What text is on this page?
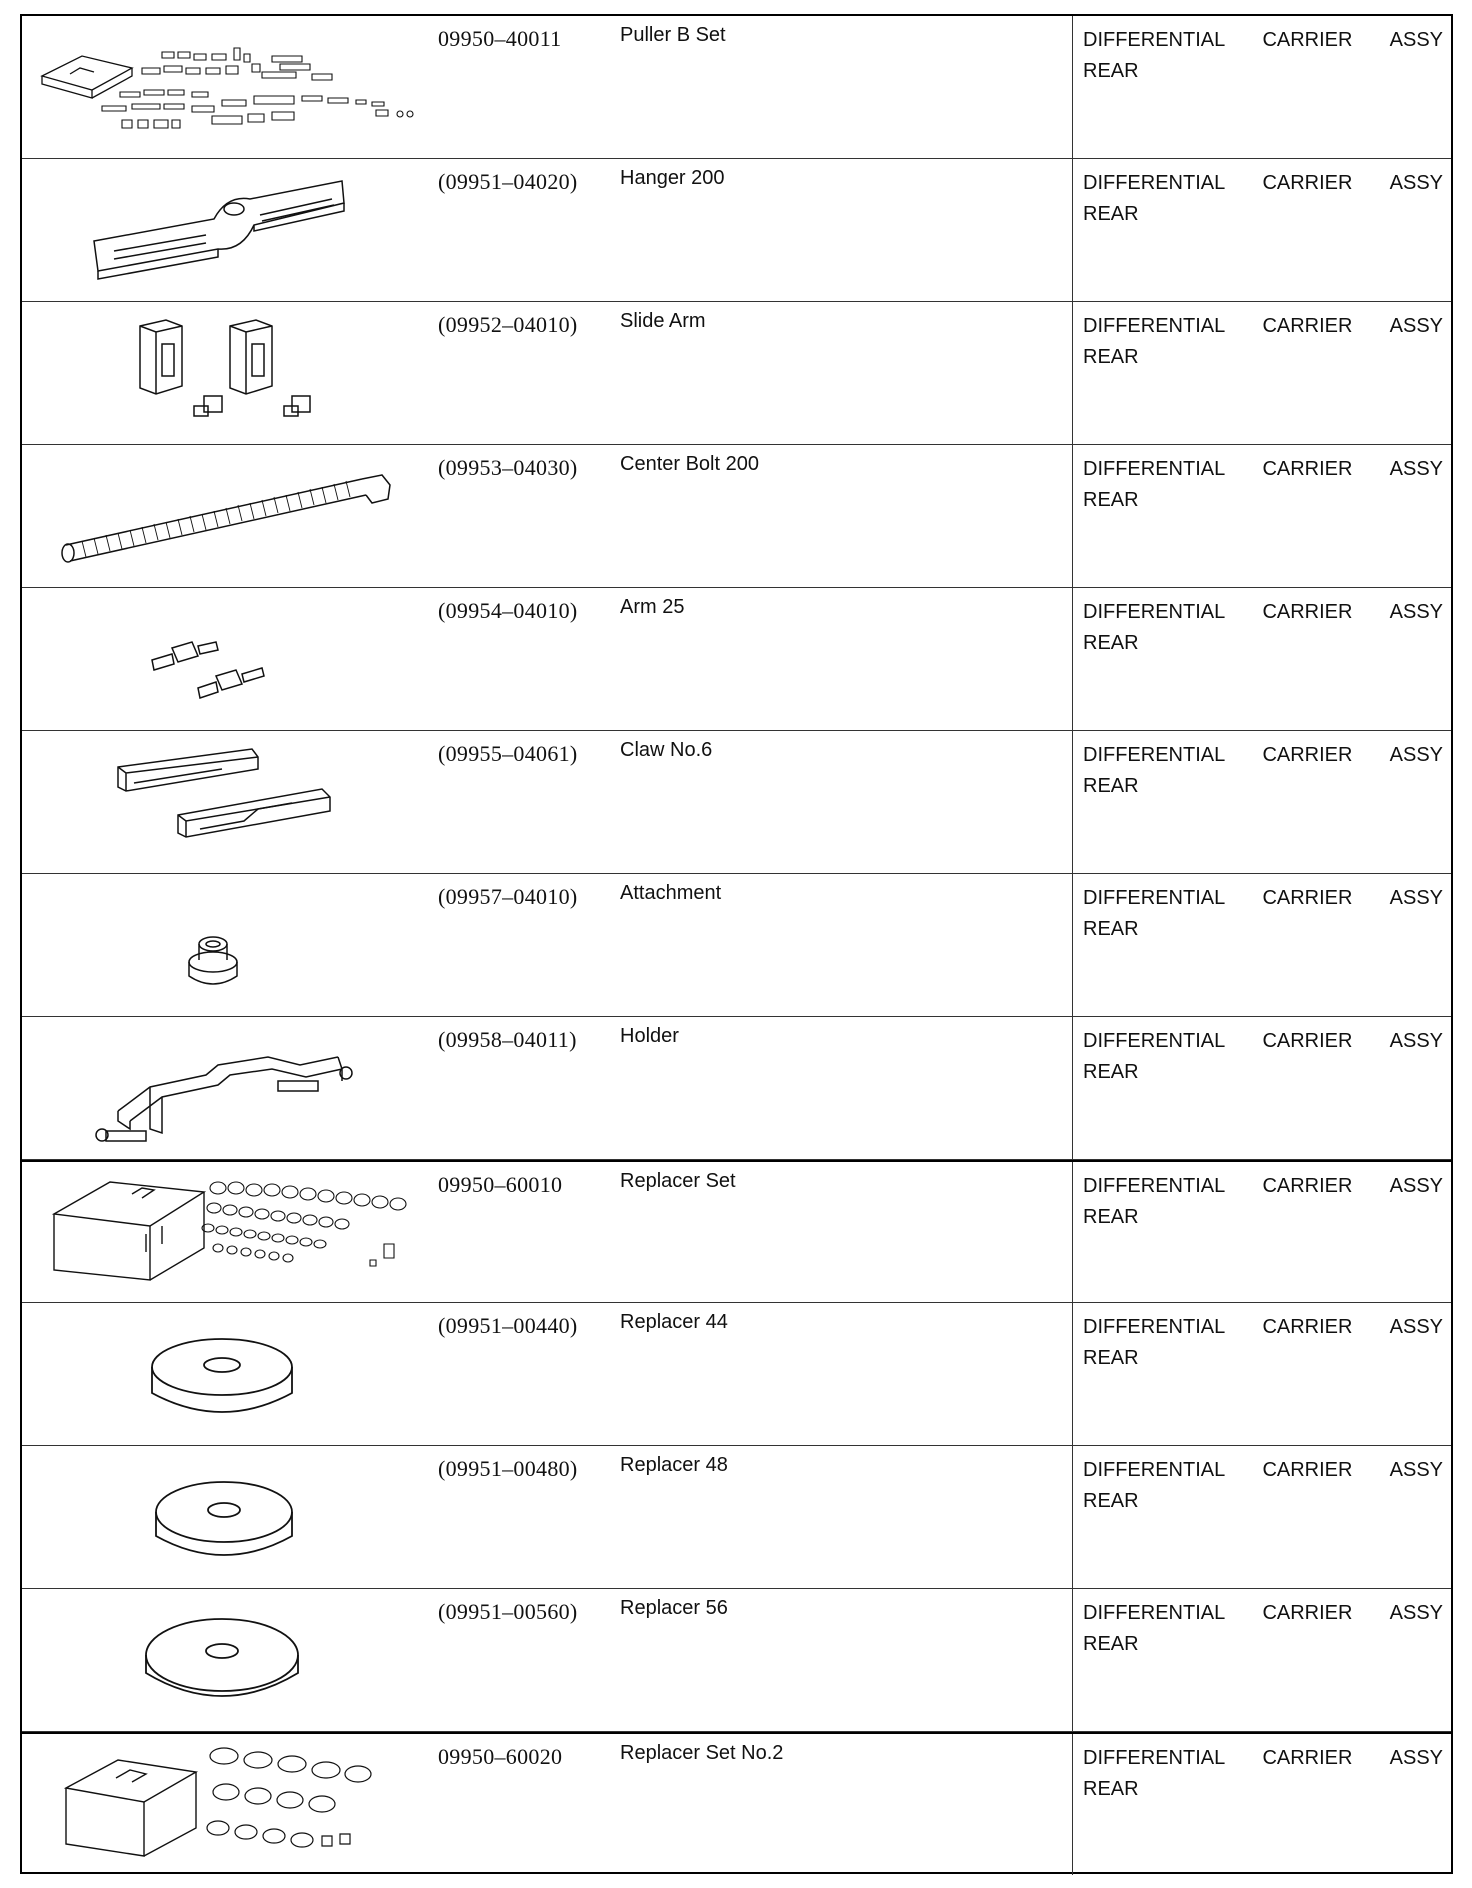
09950–40011	Puller B Set	DIFFERENTIAL CARRIER ASSY
REAR
(09951–04020)	Hanger 200	DIFFERENTIAL CARRIER ASSY
REAR
(09952–04010)	Slide Arm	DIFFERENTIAL CARRIER ASSY
REAR
(09953–04030)	Center Bolt 200	DIFFERENTIAL CARRIER ASSY
REAR
(09954–04010)	Arm 25	DIFFERENTIAL CARRIER ASSY
REAR
(09955–04061)	Claw No.6	DIFFERENTIAL CARRIER ASSY
REAR
(09957–04010)	Attachment	DIFFERENTIAL CARRIER ASSY
REAR
(09958–04011)	Holder	DIFFERENTIAL CARRIER ASSY
REAR
09950–60010	Replacer Set	DIFFERENTIAL CARRIER ASSY
REAR
(09951–00440)	Replacer 44	DIFFERENTIAL CARRIER ASSY
REAR
(09951–00480)	Replacer 48	DIFFERENTIAL CARRIER ASSY
REAR
(09951–00560)	Replacer 56	DIFFERENTIAL CARRIER ASSY
REAR
09950–60020	Replacer Set No.2	DIFFERENTIAL CARRIER ASSY
REAR
